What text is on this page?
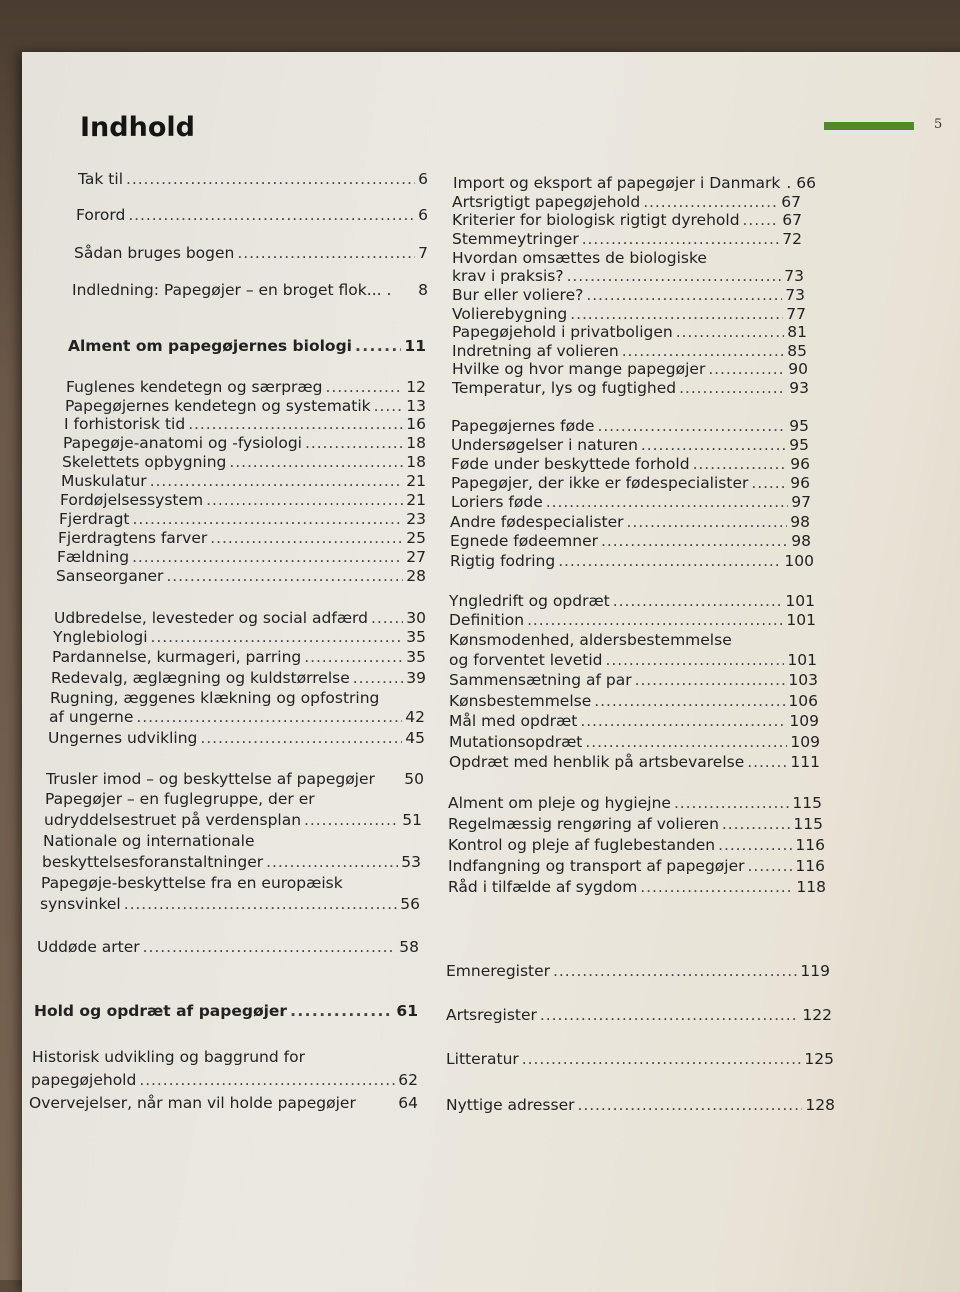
Indhold	5
Tak til . . .	6
Forord . . .	6
Sådan bruges bogen . . .	7
Indledning: Papegøjer – en broget flok... . 8
Alment om papegøjernes biologi . . .	11
Fuglenes kendetegn og særpræg . . .	12
Papegøjernes kendetegn og systematik . . . 13
I forhistorisk tid . . .	16
Papegøje-anatomi og -fysiologi . . .	18
Skelettets opbygning . . .	18
Muskulatur . . .	21
Fordøjelsessystem . . .	21
Fjerdragt . . .	23
Fjerdragtens farver . . .	25
Fældning . . .	27
Sanseorganer . . .	28
Udbredelse, levesteder og social adfærd . . . 30
Ynglebiologi . . .	35
Pardannelse, kurmageri, parring . . .	35
Redevalg, æglægning og kuldstørrelse . . .	39
Rugning, æggenes klækning og opfostring
af ungerne . . .	42
Ungernes udvikling . . .	45
Trusler imod – og beskyttelse af papegøjer 50
Papegøjer – en fuglegruppe, der er
udryddelsestruet på verdensplan . . .	51
Nationale og internationale
beskyttelsesforanstaltninger . . .	53
Papegøje-beskyttelse fra en europæisk
synsvinkel . . .	56
Uddøde arter . . .	58
Hold og opdræt af papegøjer . . .	61
Historisk udvikling og baggrund for
papegøjehold . . .	62
Overvejelser, når man vil holde papegøjer	64
Import og eksport af papegøjer i Danmark . 66
Artsrigtigt papegøjehold . . .	67
Kriterier for biologisk rigtigt dyrehold . . .	67
Stemmeytringer . . .	72
Hvordan omsættes de biologiske
krav i praksis? . . .	73
Bur eller voliere? . . .	73
Volierebygning . . .	77
Papegøjehold i privatboligen . . .	81
Indretning af volieren . . .	85
Hvilke og hvor mange papegøjer . . .	90
Temperatur, lys og fugtighed . . .	93
Papegøjernes føde . . .	95
Undersøgelser i naturen . . .	95
Føde under beskyttede forhold . . .	96
Papegøjer, der ikke er fødespecialister . . .	96
Loriers føde . . .	97
Andre fødespecialister . . .	98
Egnede fødeemner . . .	98
Rigtig fodring . . .	100
Yngledrift og opdræt . . .	101
Definition . . .	101
Kønsmodenhed, aldersbestemmelse
og forventet levetid . . .	101
Sammensætning af par . . .	103
Kønsbestemmelse . . .	106
Mål med opdræt . . .	109
Mutationsopdræt . . .	109
Opdræt med henblik på artsbevarelse . . .	111
Alment om pleje og hygiejne . . .	115
Regelmæssig rengøring af volieren . . .	115
Kontrol og pleje af fuglebestanden . . .	116
Indfangning og transport af papegøjer . . .	116
Råd i tilfælde af sygdom . . .	118
Emneregister . . .	119
Artsregister . . .	122
Litteratur . . .	125
Nyttige adresser . . .	128
